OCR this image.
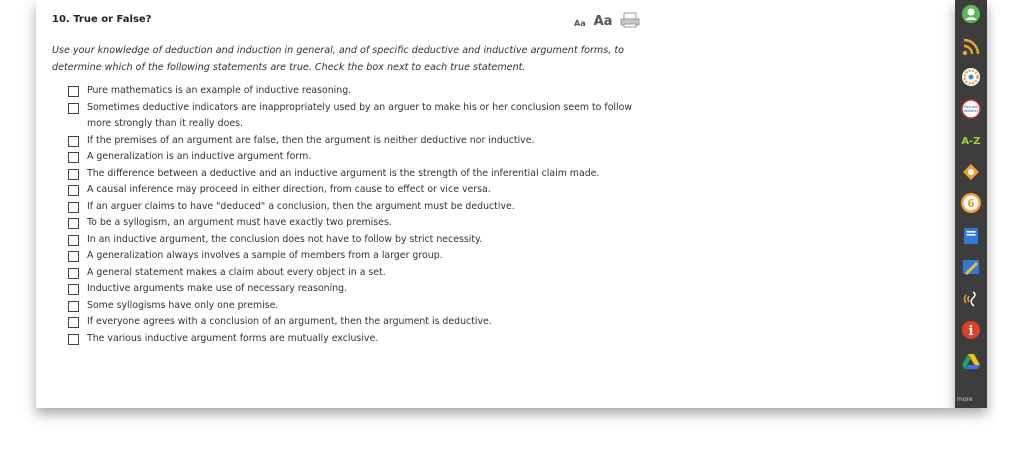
10. True or False?	Aa Aa
Use your knowledge of deduction and induction in general, and of specific deductive and inductive argument forms, to determine which of the following statements are true. Check the box next to each true statement.
Pure mathematics is an example of inductive reasoning.
Sometimes deductive indicators are inappropriately used by an arguer to make his or her conclusion seem to follow more strongly than it really does.
If the premises of an argument are false, then the argument is neither deductive nor inductive.
A generalization is an inductive argument form.
The difference between a deductive and an inductive argument is the strength of the inferential claim made.
A causal inference may proceed in either direction, from cause to effect or vice versa.
If an arguer claims to have "deduced" a conclusion, then the argument must be deductive.
To be a syllogism, an argument must have exactly two premises.
In an inductive argument, the conclusion does not have to follow by strict necessity.
A generalization always involves a sample of members from a larger group.
A general statement makes a claim about every object in a set.
Inductive arguments make use of necessary reasoning.
Some syllogisms have only one premise.
If everyone agrees with a conclusion of an argument, then the argument is deductive.
The various inductive argument forms are mutually exclusive.
Merriam
Webster
A-Z
6
i
more
